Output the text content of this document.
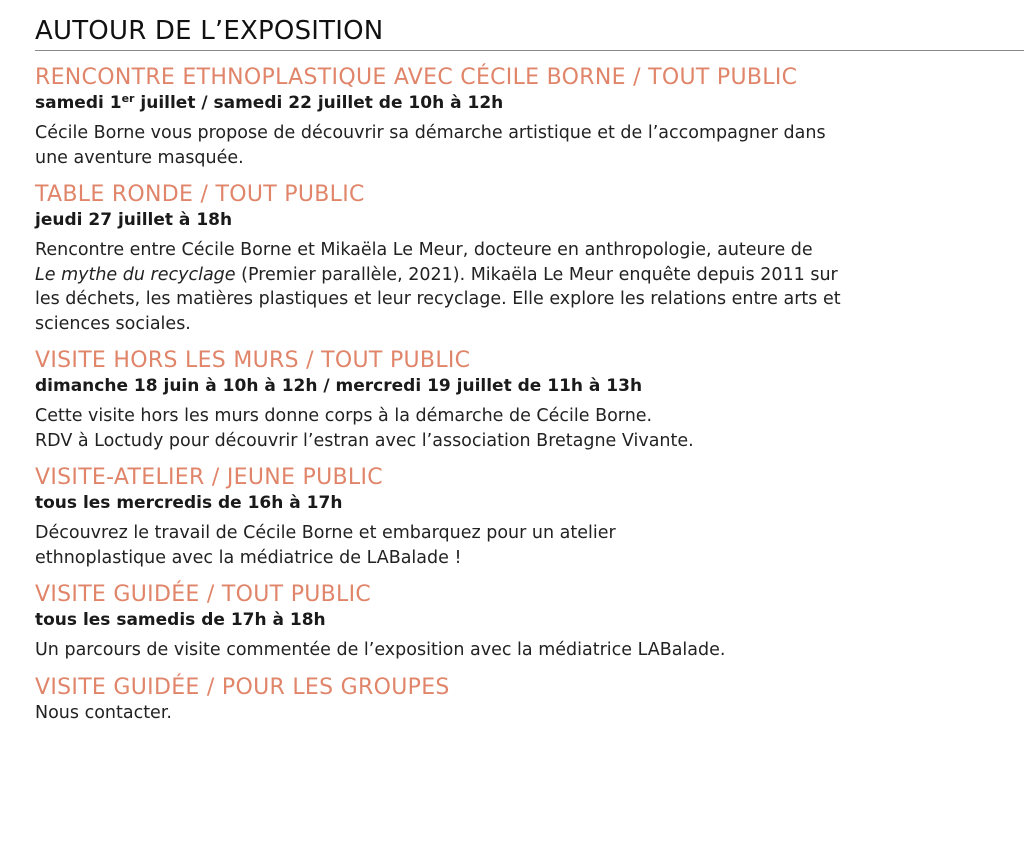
AUTOUR DE L’EXPOSITION
RENCONTRE ETHNOPLASTIQUE AVEC CÉCILE BORNE / TOUT PUBLIC
samedi 1er juillet / samedi 22 juillet de 10h à 12h

Cécile Borne vous propose de découvrir sa démarche artistique et de l’accompagner dans
une aventure masquée.

TABLE RONDE / TOUT PUBLIC
jeudi 27 juillet à 18h

Rencontre entre Cécile Borne et Mikaëla Le Meur, docteure en anthropologie, auteure de
Le mythe du recyclage (Premier parallèle, 2021). Mikaëla Le Meur enquête depuis 2011 sur
les déchets, les matières plastiques et leur recyclage. Elle explore les relations entre arts et
sciences sociales.

VISITE HORS LES MURS / TOUT PUBLIC
dimanche 18 juin à 10h à 12h / mercredi 19 juillet de 11h à 13h

Cette visite hors les murs donne corps à la démarche de Cécile Borne.
RDV à Loctudy pour découvrir l’estran avec l’association Bretagne Vivante.

VISITE-ATELIER / JEUNE PUBLIC
tous les mercredis de 16h à 17h

Découvrez le travail de Cécile Borne et embarquez pour un atelier
ethnoplastique avec la médiatrice de LABalade !

VISITE GUIDÉE / TOUT PUBLIC
tous les samedis de 17h à 18h

Un parcours de visite commentée de l’exposition avec la médiatrice LABalade.

VISITE GUIDÉE / POUR LES GROUPES

Nous contacter.
